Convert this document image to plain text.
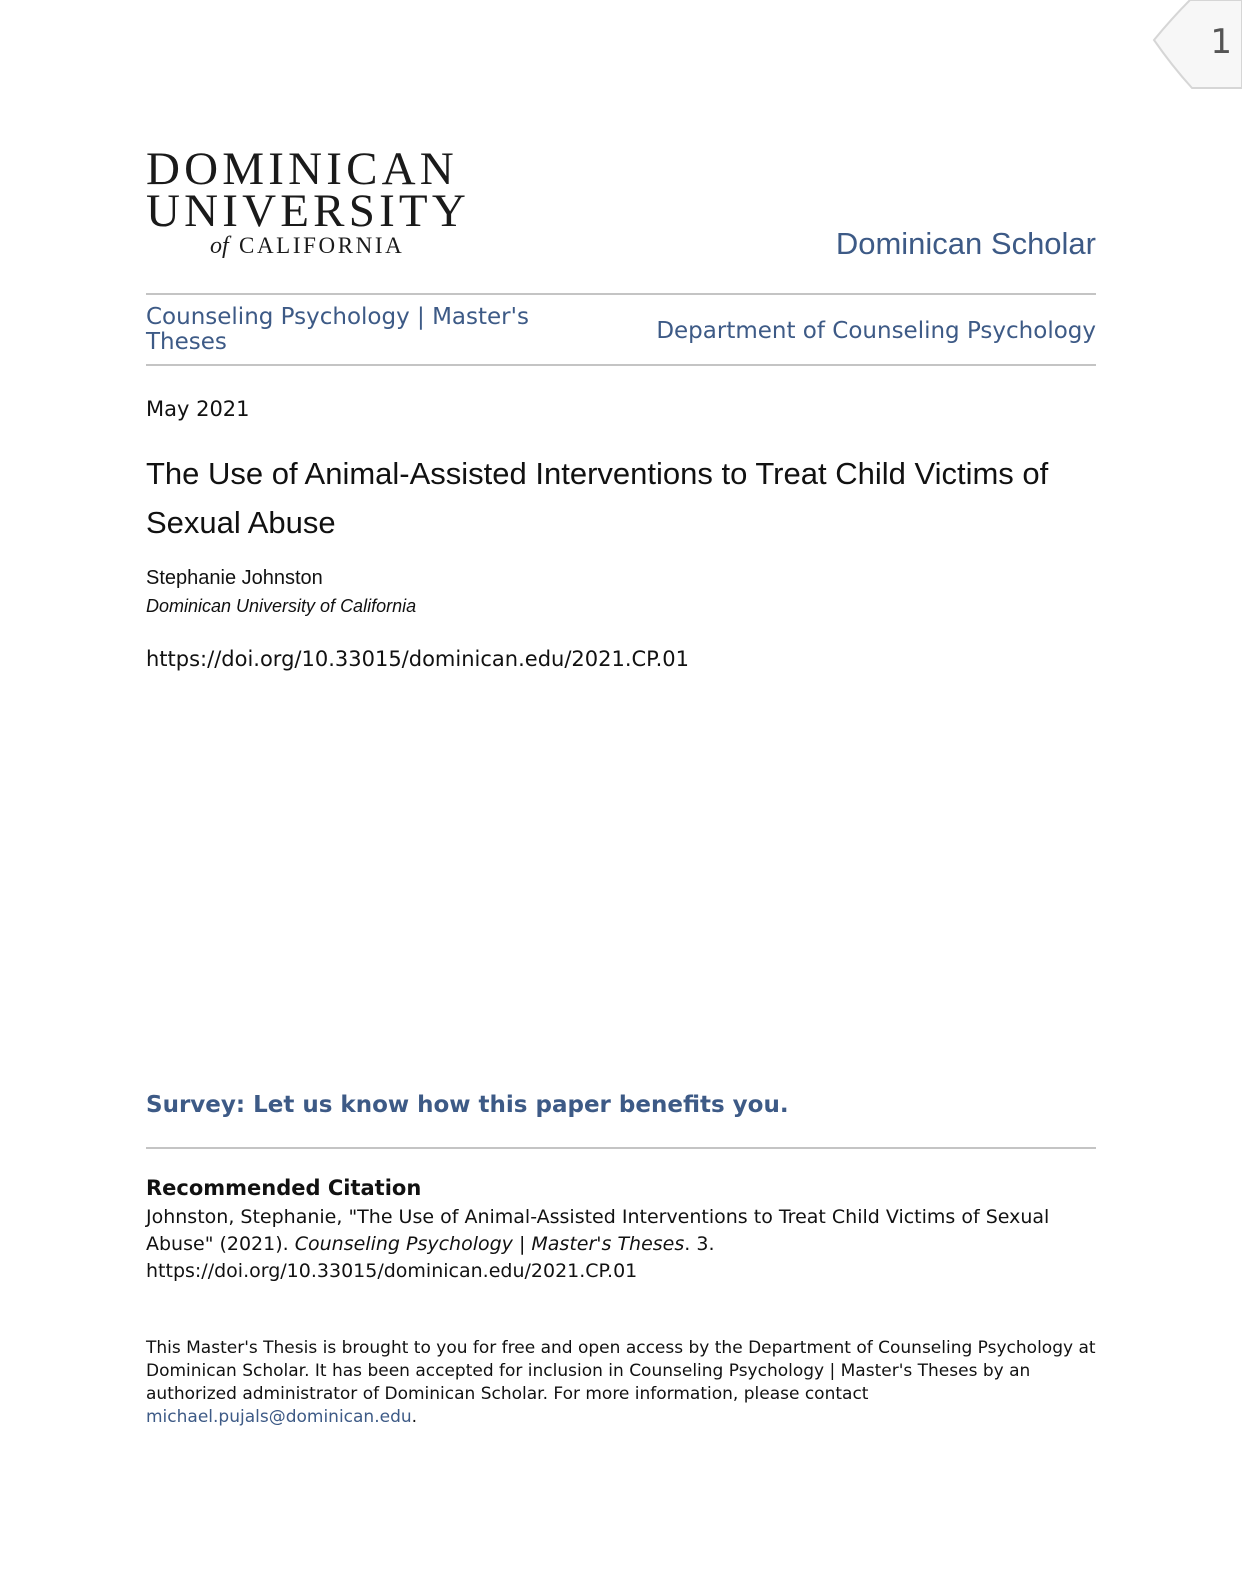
1
DOMINICAN
UNIVERSITY
of CALIFORNIA	Dominican Scholar
Counseling Psychology | Master's Theses	Department of Counseling Psychology
May 2021
The Use of Animal-Assisted Interventions to Treat Child Victims of Sexual Abuse
Stephanie Johnston
Dominican University of California
https://doi.org/10.33015/dominican.edu/2021.CP.01
Survey: Let us know how this paper benefits you.
Recommended Citation
Johnston, Stephanie, "The Use of Animal-Assisted Interventions to Treat Child Victims of Sexual Abuse" (2021). Counseling Psychology | Master's Theses. 3.
https://doi.org/10.33015/dominican.edu/2021.CP.01
This Master's Thesis is brought to you for free and open access by the Department of Counseling Psychology at Dominican Scholar. It has been accepted for inclusion in Counseling Psychology | Master's Theses by an authorized administrator of Dominican Scholar. For more information, please contact michael.pujals@dominican.edu.
